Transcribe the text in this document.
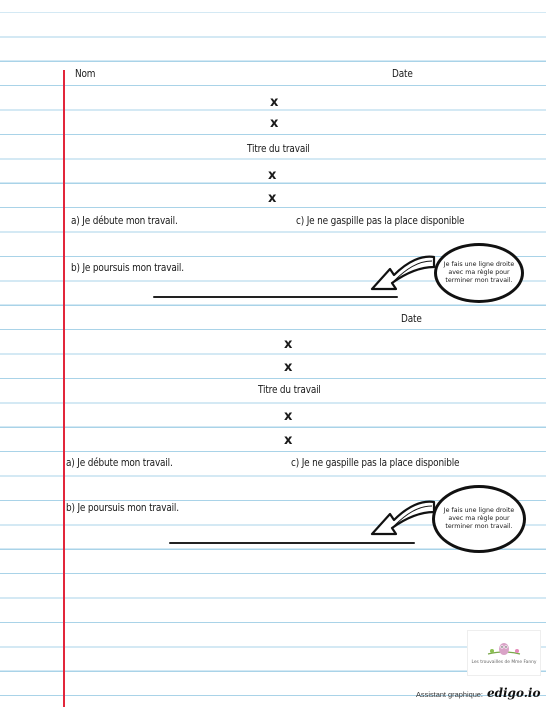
Nom	Date
x
x
Titre du travail
x
x
a) Je débute mon travail.	c) Je ne gaspille pas la place disponible
b) Je poursuis mon travail.	Je fais une ligne droite avec ma règle pour terminer mon travail.
Date
x
x
Titre du travail
x
x
a) Je débute mon travail.	c) Je ne gaspille pas la place disponible
b) Je poursuis mon travail.	Je fais une ligne droite avec ma règle pour terminer mon travail.
Les trouvailles de Mme Fanny
Assistant graphique: edigo.io
